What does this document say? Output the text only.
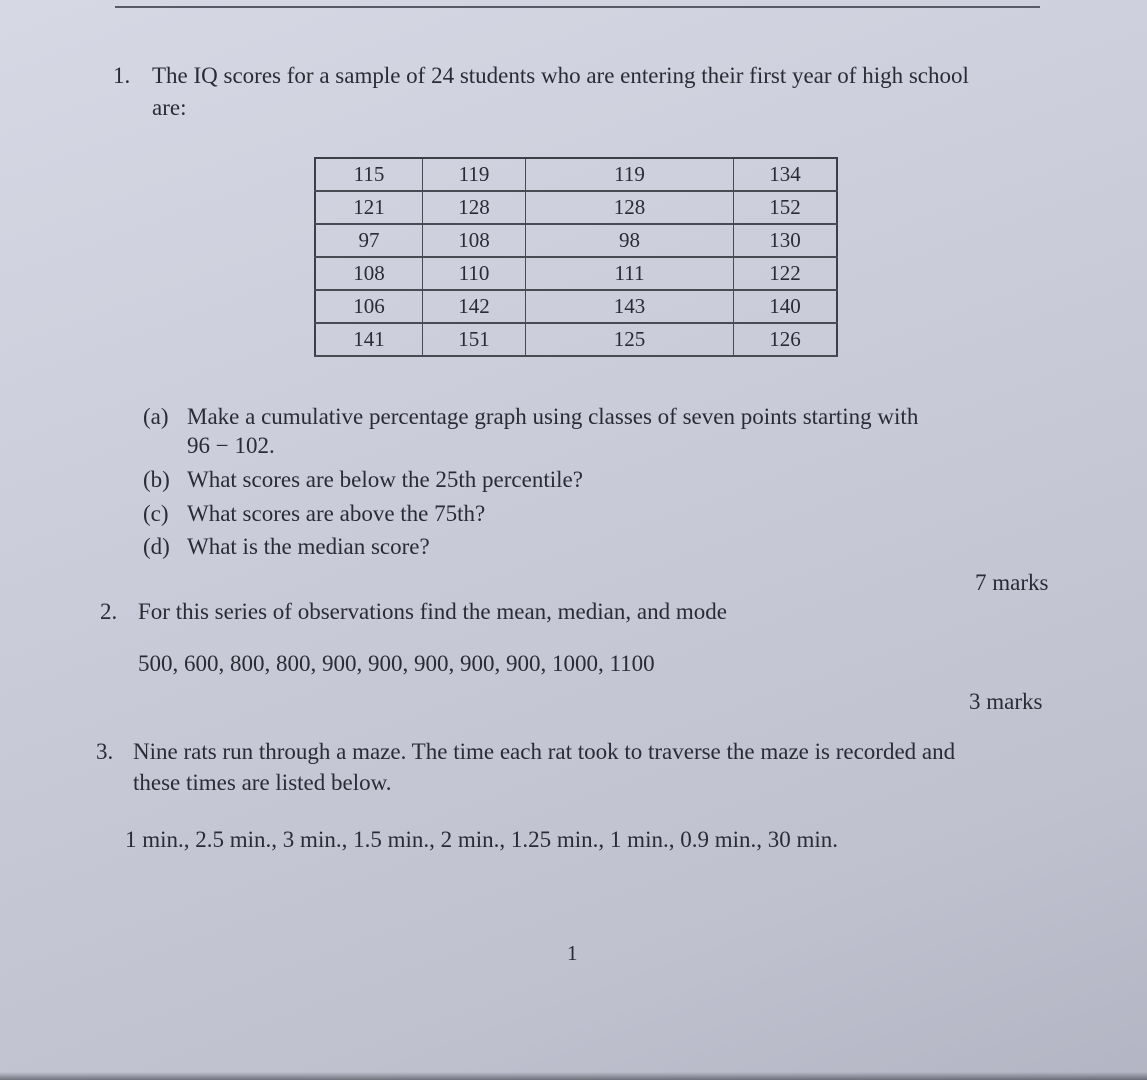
1. The IQ scores for a sample of 24 students who are entering their first year of high school
are:
115	119	119	134
121	128	128	152
97	108	98	130
108	110	111	122
106	142	143	140
141	151	125	126
(a) Make a cumulative percentage graph using classes of seven points starting with
96 − 102.
(b) What scores are below the 25th percentile?
(c) What scores are above the 75th?
(d) What is the median score?
7 marks
2. For this series of observations find the mean, median, and mode
500, 600, 800, 800, 900, 900, 900, 900, 900, 1000, 1100
3 marks
3. Nine rats run through a maze. The time each rat took to traverse the maze is recorded and
these times are listed below.
1 min., 2.5 min., 3 min., 1.5 min., 2 min., 1.25 min., 1 min., 0.9 min., 30 min.
1
